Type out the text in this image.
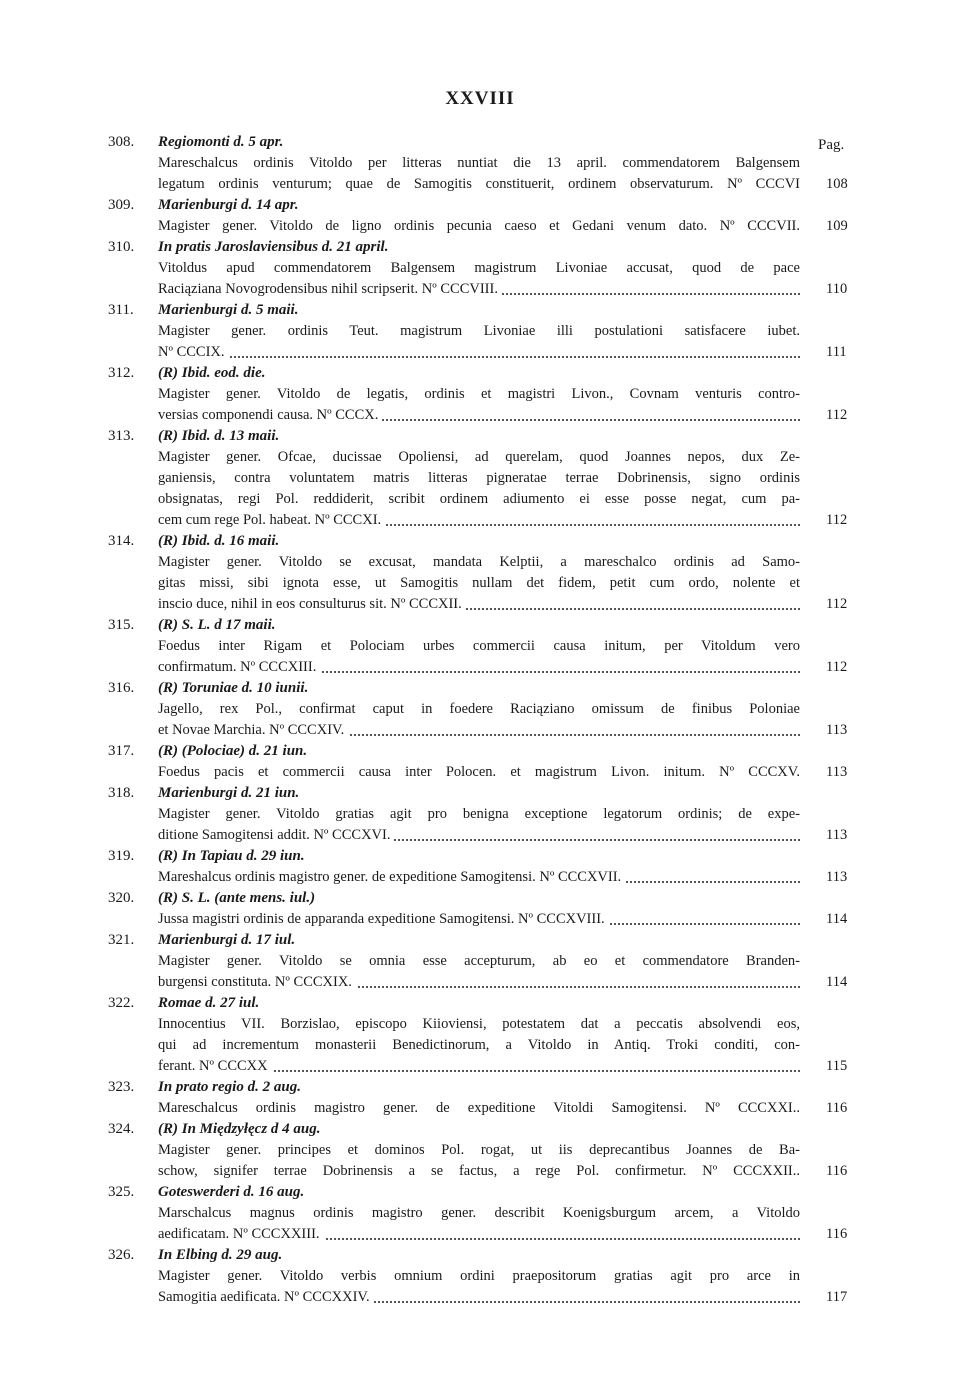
XXVIII
Pag.
308. Regiomonti d. 5 apr.
Mareschalcus ordinis Vitoldo per litteras nuntiat die 13 april. commendatorem Balgensem
legatum ordinis venturum; quae de Samogitis constituerit, ordinem observaturum. Nº CCCVI 108
309. Marienburgi d. 14 apr.
Magister gener. Vitoldo de ligno ordinis pecunia caeso et Gedani venum dato. Nº CCCVII. 109
310. In pratis Jaroslaviensibus d. 21 april.
Vitoldus apud commendatorem Balgensem magistrum Livoniae accusat, quod de pace
Raciąziana Novogrodensibus nihil scripserit. Nº CCCVIII.	110
311. Marienburgi d. 5 maii.
Magister gener. ordinis Teut. magistrum Livoniae illi postulationi satisfacere iubet.
Nº CCCIX.	111
312. (R) Ibid. eod. die.
Magister gener. Vitoldo de legatis, ordinis et magistri Livon., Covnam venturis contro-
versias componendi causa. Nº CCCX.	112
313. (R) Ibid. d. 13 maii.
Magister gener. Ofcae, ducissae Opoliensi, ad querelam, quod Joannes nepos, dux Ze-
ganiensis, contra voluntatem matris litteras pigneratae terrae Dobrinensis, signo ordinis
obsignatas, regi Pol. reddiderit, scribit ordinem adiumento ei esse posse negat, cum pa-
cem cum rege Pol. habeat. Nº CCCXI.	112
314. (R) Ibid. d. 16 maii.
Magister gener. Vitoldo se excusat, mandata Kelptii, a mareschalco ordinis ad Samo-
gitas missi, sibi ignota esse, ut Samogitis nullam det fidem, petit cum ordo, nolente et
inscio duce, nihil in eos consulturus sit. Nº CCCXII.	112
315. (R) S. L. d 17 maii.
Foedus inter Rigam et Polociam urbes commercii causa initum, per Vitoldum vero
confirmatum. Nº CCCXIII.	112
316. (R) Toruniae d. 10 iunii.
Jagello, rex Pol., confirmat caput in foedere Raciąziano omissum de finibus Poloniae
et Novae Marchia. Nº CCCXIV.	113
317. (R) (Polociae) d. 21 iun.
Foedus pacis et commercii causa inter Polocen. et magistrum Livon. initum. Nº CCCXV. 113
318. Marienburgi d. 21 iun.
Magister gener. Vitoldo gratias agit pro benigna exceptione legatorum ordinis; de expe-
ditione Samogitensi addit. Nº CCCXVI.	113
319. (R) In Tapiau d. 29 iun.
Mareshalcus ordinis magistro gener. de expeditione Samogitensi. Nº CCCXVII.	113
320. (R) S. L. (ante mens. iul.)
Jussa magistri ordinis de apparanda expeditione Samogitensi. Nº CCCXVIII.	114
321. Marienburgi d. 17 iul.
Magister gener. Vitoldo se omnia esse accepturum, ab eo et commendatore Branden-
burgensi constituta. Nº CCCXIX.	114
322. Romae d. 27 iul.
Innocentius VII. Borzislao, episcopo Kiioviensi, potestatem dat a peccatis absolvendi eos,
qui ad incrementum monasterii Benedictinorum, a Vitoldo in Antiq. Troki conditi, con-
ferant. Nº CCCXX	115
323. In prato regio d. 2 aug.
Mareschalcus ordinis magistro gener. de expeditione Vitoldi Samogitensi. Nº CCCXXI.. 116
324. (R) In Międzyłęcz d 4 aug.
Magister gener. principes et dominos Pol. rogat, ut iis deprecantibus Joannes de Ba-
schow, signifer terrae Dobrinensis a se factus, a rege Pol. confirmetur. Nº CCCXXII.. 116
325. Goteswerderi d. 16 aug.
Marschalcus magnus ordinis magistro gener. describit Koenigsburgum arcem, a Vitoldo
aedificatam. Nº CCCXXIII.	116
326. In Elbing d. 29 aug.
Magister gener. Vitoldo verbis omnium ordini praepositorum gratias agit pro arce in
Samogitia aedificata. Nº CCCXXIV.	117
